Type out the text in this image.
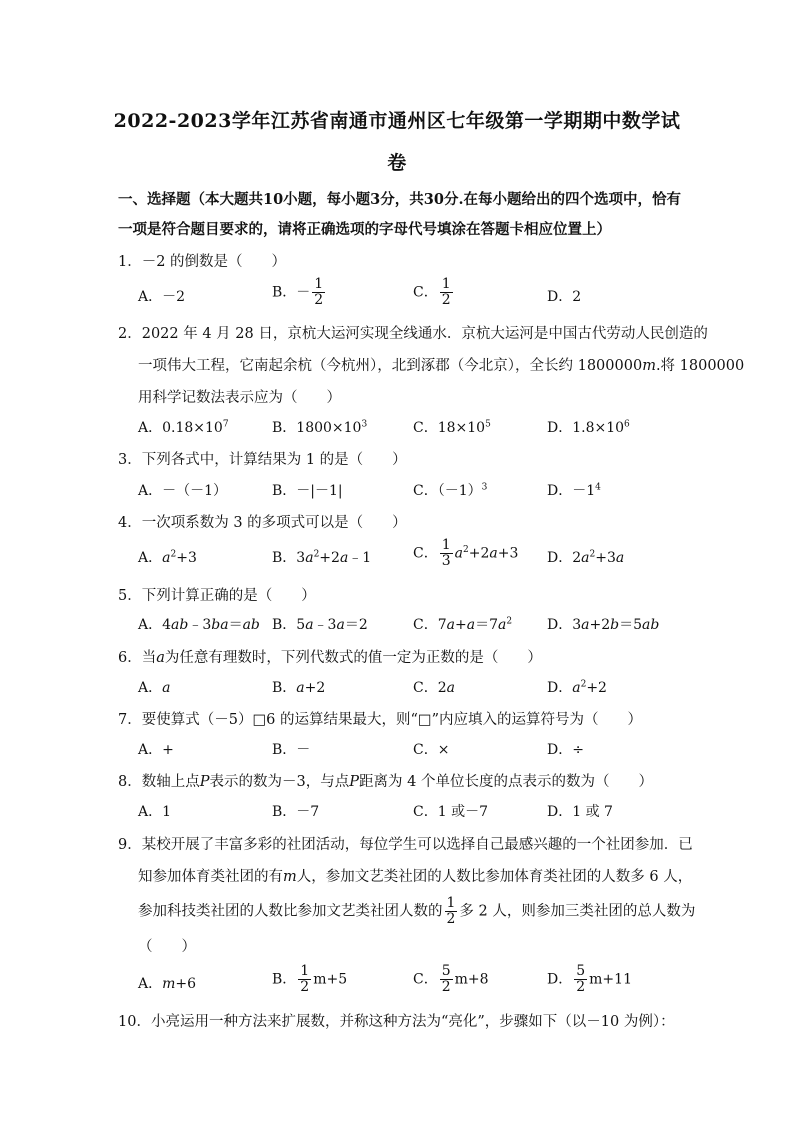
2022-2023学年江苏省南通市通州区七年级第一学期期中数学试
卷
一、选择题（本大题共10小题，每小题3分，共30分.在每小题给出的四个选项中，恰有
一项是符合题目要求的，请将正确选项的字母代号填涂在答题卡相应位置上）
1．－2 的倒数是（　　）
A．－2	B．－ $\frac{1}{2}$	C． $\frac{1}{2}$	D．2
2．2022 年 4 月 28 日，京杭大运河实现全线通水．京杭大运河是中国古代劳动人民创造的
一项伟大工程，它南起余杭（今杭州），北到涿郡（今北京），全长约 1800000m.将 1800000
用科学记数法表示应为（　　）
A．$0.18\times 10^7$	B．$1800\times 10^3$	C．$18\times 10^5$	D．$1.8\times 10^6$
3．下列各式中，计算结果为 1 的是（　　）
A．－（－1）	B．－|－1|	C．$(-1)^3$	D．$-1^4$
4．一次项系数为 3 的多项式可以是（　　）
A．$a^2+3$	B．$3a^2+2a﹣1$	C． $\frac{1}{3} a^2+2a+3$ D．$2a^2+3a$
5．下列计算正确的是（　　）
A．4ab﹣3ba＝ab B．5a﹣3a＝2	C．$7a+a=7a^2$ D．3a+2b＝5ab
6．当a为任意有理数时，下列代数式的值一定为正数的是（　　）
A．a	B．a+2	C．2a	D．$a^2+2$
7．要使算式（－5）□6 的运算结果最大，则“□”内应填入的运算符号为（　　）
A．+	B．－	C．×	D．÷
8．数轴上点P表示的数为－3，与点P距离为 4 个单位长度的点表示的数为（　　）
A．1	B．－7	C．1 或－7	D．1 或 7
9．某校开展了丰富多彩的社团活动，每位学生可以选择自己最感兴趣的一个社团参加．已
知参加体育类社团的有m人，参加文艺类社团的人数比参加体育类社团的人数多 6 人，
参加科技类社团的人数比参加文艺类社团人数的 $\frac{1}{2}$ 多 2 人，则参加三类社团的总人数为
（　　）
A．m+6	B． $\frac{1}{2} m+5$	C． $\frac{5}{2} m+8$	D． $\frac{5}{2} m+11$
10．小亮运用一种方法来扩展数，并称这种方法为“亮化”，步骤如下（以－10 为例）：
